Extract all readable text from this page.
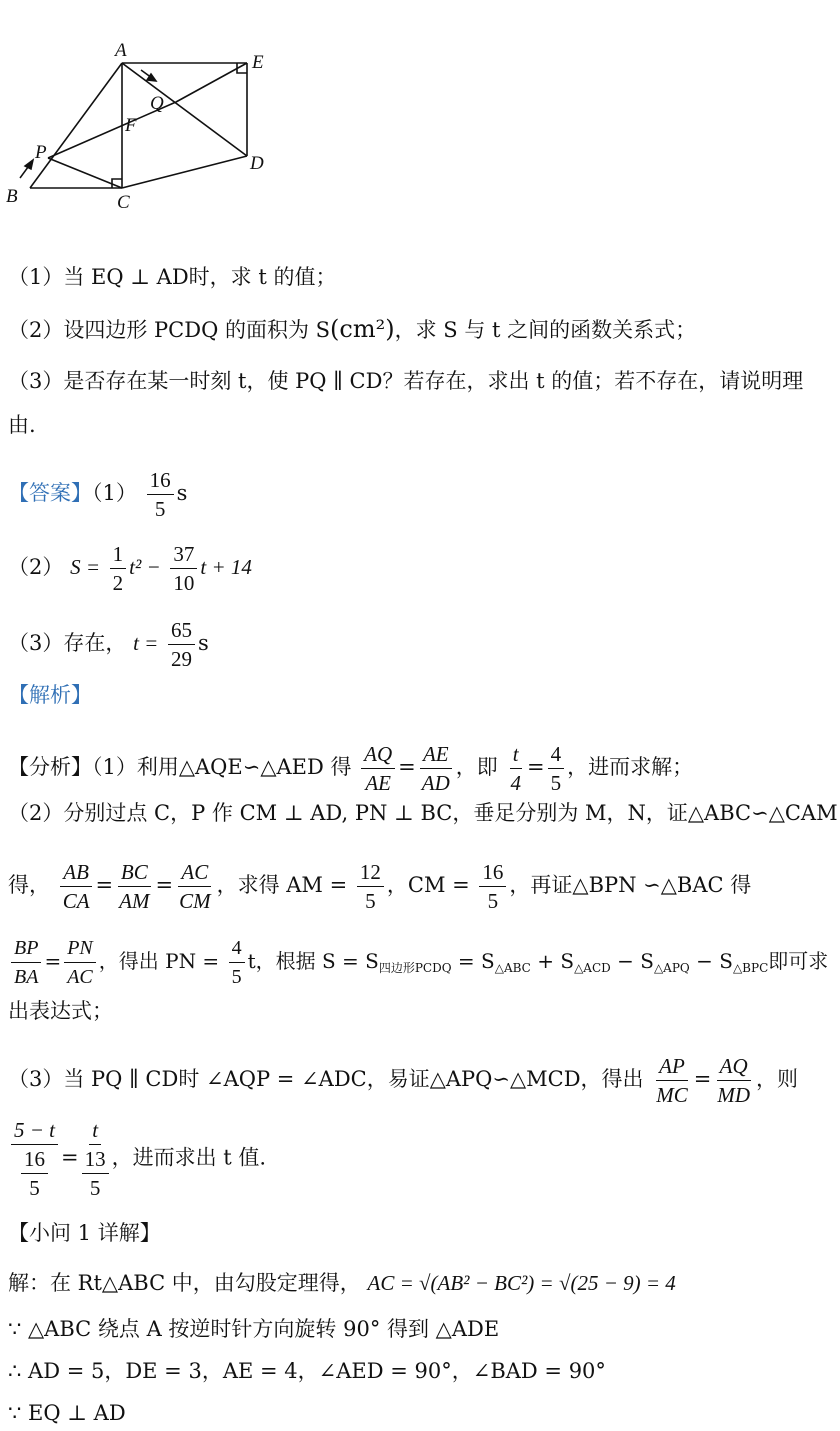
A
E
Q
F
P
D
B	C
（1）当 EQ ⊥ AD时，求 t 的值；
（2）设四边形 PCDQ 的面积为 S(cm²)，求 S 与 t 之间的函数关系式；
（3）是否存在某一时刻 t，使 PQ ∥ CD？若存在，求出 t 的值；若不存在，请说明理
由.
【答案】$(1) \frac{16}{5}$ s
（2） $S = \frac{1}{2} t^2 - \frac{37}{10}$ t + 14
（3）存在， $t = \frac{65}{29}$ s
【解析】
【分析】（1）利用△AQE∽△AED 得 $\frac{AQ}{AE} = \frac{AE}{AD}$ ，即 $\frac{t}{4} = \frac{4}{5}$ ，进而求解；
（2）分别过点 C，P 作 CM ⊥ AD, PN ⊥ BC，垂足分别为 M，N，证△ABC∽△CAM
得， $\frac{AB}{CA} = \frac{BC}{AM} = \frac{AC}{CM}$ ，求得 AM = $\frac{12}{5}$ ，CM = $\frac{16}{5}$ ，再证△BPN ∽△BAC 得
$\frac{BP}{BA} = \frac{PN}{AC}$ ，得出 PN = $\frac{4}{5}$ t，根据 $S = S_{四边形PCDQ} = S_{\triangle ABC} + S_{\triangle ACD} - S_{\triangle APQ} - S_{\triangle BPC}$即可求
出表达式；
（3）当 PQ ∥ CD时 ∠AQP = ∠ADC，易证△APQ∽△MCD，得出 $\frac{AP}{MC} = \frac{AQ}{MD}$ ，则
$\frac{5 - t}{\frac{16}{5}} = \frac{t}{\frac{13}{5}}$ ，进而求出 t 值.
【小问 1 详解】
解：在 Rt△ABC 中，由勾股定理得， AC = √(AB² − BC²) = √(25 − 9) = 4
∵ △ABC 绕点 A 按逆时针方向旋转 90° 得到 △ADE
∴ AD = 5，DE = 3，AE = 4，∠AED = 90°，∠BAD = 90°
∵ EQ ⊥ AD
